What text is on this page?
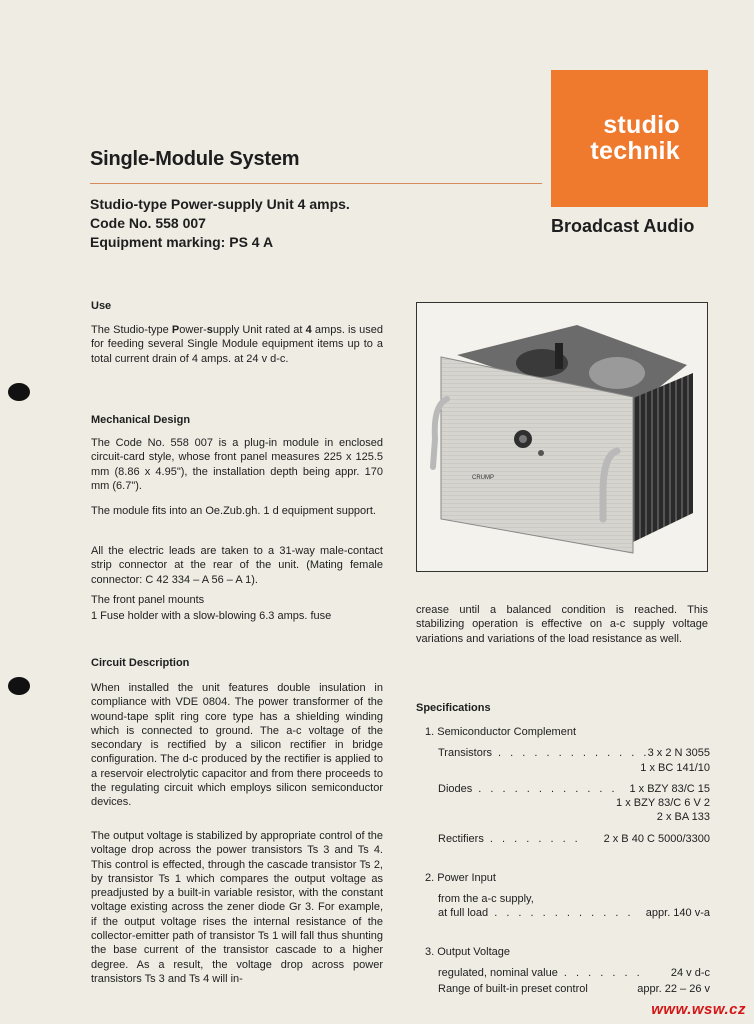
Single-Module System
Studio-type Power-supply Unit 4 amps.
Code No. 558 007
Equipment marking: PS 4 A
studio
technik
Broadcast Audio
Use
The Studio-type Power-supply Unit rated at 4 amps. is used for feeding several Single Module equipment items up to a total current drain of 4 amps. at 24 v d-c.
Mechanical Design
The Code No. 558 007 is a plug-in module in enclosed circuit-card style, whose front panel measures 225 x 125.5 mm (8.86 x 4.95"), the installation depth being appr. 170 mm (6.7").
The module fits into an Oe.Zub.gh. 1 d equipment support.
All the electric leads are taken to a 31-way male-contact strip connector at the rear of the unit. (Mating female connector: C 42 334 – A 56 – A 1).
The front panel mounts
1 Fuse holder with a slow-blowing 6.3 amps. fuse
Circuit Description
When installed the unit features double insulation in compliance with VDE 0804. The power transformer of the wound-tape split ring core type has a shielding winding which is connected to ground. The a-c voltage of the secondary is rectified by a silicon rectifier in bridge configuration. The d-c produced by the rectifier is applied to a reservoir electrolytic capacitor and from there proceeds to the regulating circuit which employs silicon semiconductor devices.
The output voltage is stabilized by appropriate control of the voltage drop across the power transistors Ts 3 and Ts 4. This control is effected, through the cascade transistor Ts 2, by transistor Ts 1 which compares the output voltage as preadjusted by a built-in variable resistor, with the constant voltage existing across the zener diode Gr 3. For example, if the output voltage rises the internal resistance of the collector-emitter path of transistor Ts 1 will fall thus shunting the base current of the transistor cascade to a higher degree. As a result, the voltage drop across power transistors Ts 3 and Ts 4 will in-
crease until a balanced condition is reached. This stabilizing operation is effective on a-c supply voltage variations and variations of the load resistance as well.
CRUMP
Specifications
1. Semiconductor Complement
Transistors . . . . . . . . . . . . .
3 x 2 N 3055
1 x BC 141/10
Diodes . . . . . . . . . . . . 1 x BZY 83/C 15
1 x BZY 83/C 6 V 2
2 x BA 133
Rectifiers . . . . . . . . 2 x B 40 C 5000/3300
2. Power Input
from the a-c supply,
at full load . . . . . . . . . . . . appr. 140 v-a
3. Output Voltage
regulated, nominal value . . . . . . .	24 v d-c
Range of built-in preset control	appr. 22 – 26 v
www.wsw.cz
